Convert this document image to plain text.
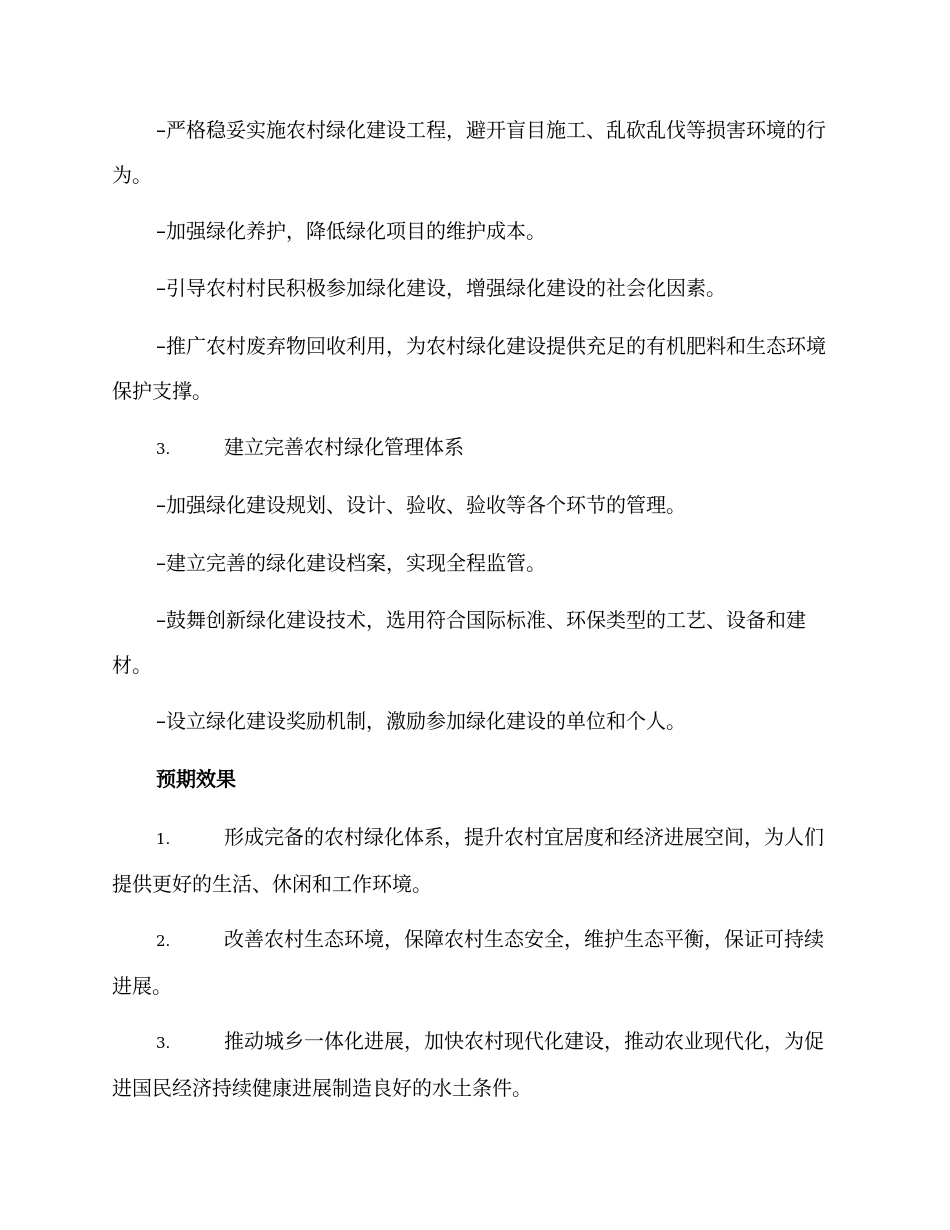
–严格稳妥实施农村绿化建设工程，避开盲目施工、乱砍乱伐等损害环境的行为。

–加强绿化养护，降低绿化项目的维护成本。

–引导农村村民积极参加绿化建设，增强绿化建设的社会化因素。

–推广农村废弃物回收利用，为农村绿化建设提供充足的有机肥料和生态环境保护支撑。

3.	建立完善农村绿化管理体系

–加强绿化建设规划、设计、验收、验收等各个环节的管理。

–建立完善的绿化建设档案，实现全程监管。

–鼓舞创新绿化建设技术，选用符合国际标准、环保类型的工艺、设备和建材。

–设立绿化建设奖励机制，激励参加绿化建设的单位和个人。

预期效果

1.	形成完备的农村绿化体系，提升农村宜居度和经济进展空间，为人们提供更好的生活、休闲和工作环境。

2.	改善农村生态环境，保障农村生态安全，维护生态平衡，保证可持续进展。

3.	推动城乡一体化进展，加快农村现代化建设，推动农业现代化，为促进国民经济持续健康进展制造良好的水土条件。
